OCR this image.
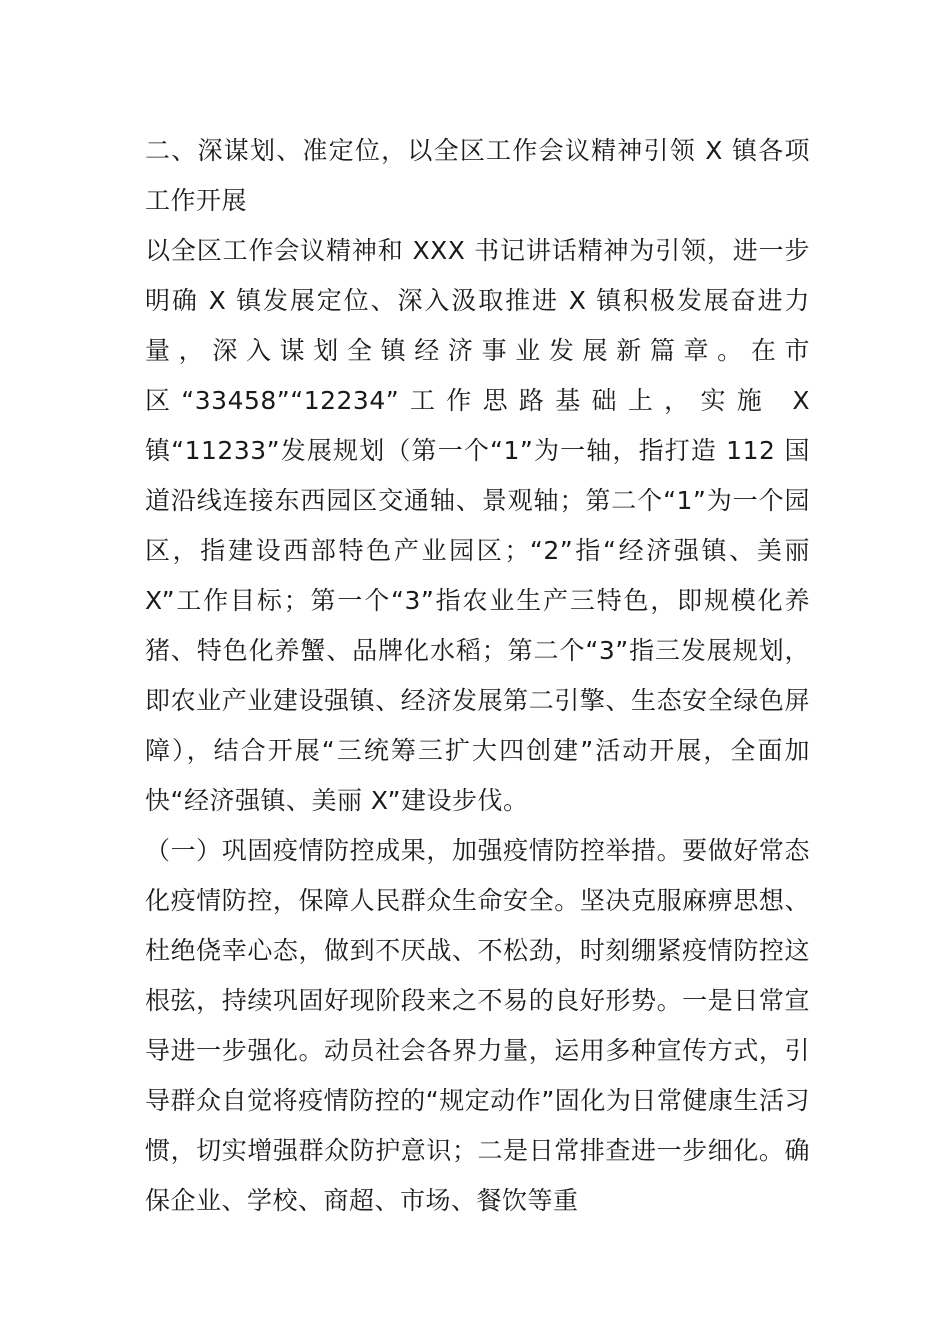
二、深谋划、准定位，以全区工作会议精神引领 X 镇各项工作开展

以全区工作会议精神和 XXX 书记讲话精神为引领，进一步明确 X 镇发展定位、深入汲取推进 X 镇积极发展奋进力量，深入谋划全镇经济事业发展新篇章。在市区“33458”“12234”工作思路基础上，实施 X 镇“11233”发展规划（第一个“1”为一轴，指打造 112 国道沿线连接东西园区交通轴、景观轴；第二个“1”为一个园区，指建设西部特色产业园区；“2”指“经济强镇、美丽 X”工作目标；第一个“3”指农业生产三特色，即规模化养猪、特色化养蟹、品牌化水稻；第二个“3”指三发展规划，即农业产业建设强镇、经济发展第二引擎、生态安全绿色屏障），结合开展“三统筹三扩大四创建”活动开展，全面加快“经济强镇、美丽 X”建设步伐。

（一）巩固疫情防控成果，加强疫情防控举措。要做好常态化疫情防控，保障人民群众生命安全。坚决克服麻痹思想、杜绝侥幸心态，做到不厌战、不松劲，时刻绷紧疫情防控这根弦，持续巩固好现阶段来之不易的良好形势。一是日常宣导进一步强化。动员社会各界力量，运用多种宣传方式，引导群众自觉将疫情防控的“规定动作”固化为日常健康生活习惯，切实增强群众防护意识；二是日常排查进一步细化。确保企业、学校、商超、市场、餐饮等重
